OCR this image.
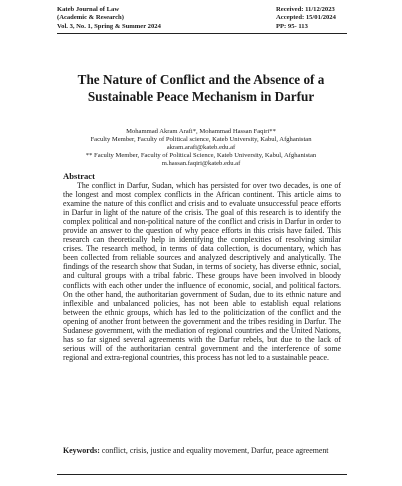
Kateb Journal of Law
(Academic & Research)
Vol. 3, No. 1, Spring & Summer 2024
Received: 11/12/2023
Accepted: 15/01/2024
PP: 95- 113
The Nature of Conflict and the Absence of a
Sustainable Peace Mechanism in Darfur
Mohammad Akram Arafi*, Mohammad Hassan Faqiri**
Faculty Member, Faculty of Political science, Kateb University, Kabul, Afghanistan
akram.arafi@kateb.edu.af
** Faculty Member, Faculty of Political Science, Kateb University, Kabul, Afghanistan
m.hassan.faqiri@kateb.edu.af
Abstract
The conflict in Darfur, Sudan, which has persisted for over two decades, is one of the longest and most complex conflicts in the African continent. This article aims to examine the nature of this conflict and crisis and to evaluate unsuccessful peace efforts in Darfur in light of the nature of the crisis. The goal of this research is to identify the complex political and non-political nature of the conflict and crisis in Darfur in order to provide an answer to the question of why peace efforts in this crisis have failed. This research can theoretically help in identifying the complexities of resolving similar crises. The research method, in terms of data collection, is documentary, which has been collected from reliable sources and analyzed descriptively and analytically. The findings of the research show that Sudan, in terms of society, has diverse ethnic, social, and cultural groups with a tribal fabric. These groups have been involved in bloody conflicts with each other under the influence of economic, social, and political factors. On the other hand, the authoritarian government of Sudan, due to its ethnic nature and inflexible and unbalanced policies, has not been able to establish equal relations between the ethnic groups, which has led to the politicization of the conflict and the opening of another front between the government and the tribes residing in Darfur. The Sudanese government, with the mediation of regional countries and the United Nations, has so far signed several agreements with the Darfur rebels, but due to the lack of serious will of the authoritarian central government and the interference of some regional and extra-regional countries, this process has not led to a sustainable peace.
Keywords: conflict, crisis, justice and equality movement, Darfur, peace agreement
